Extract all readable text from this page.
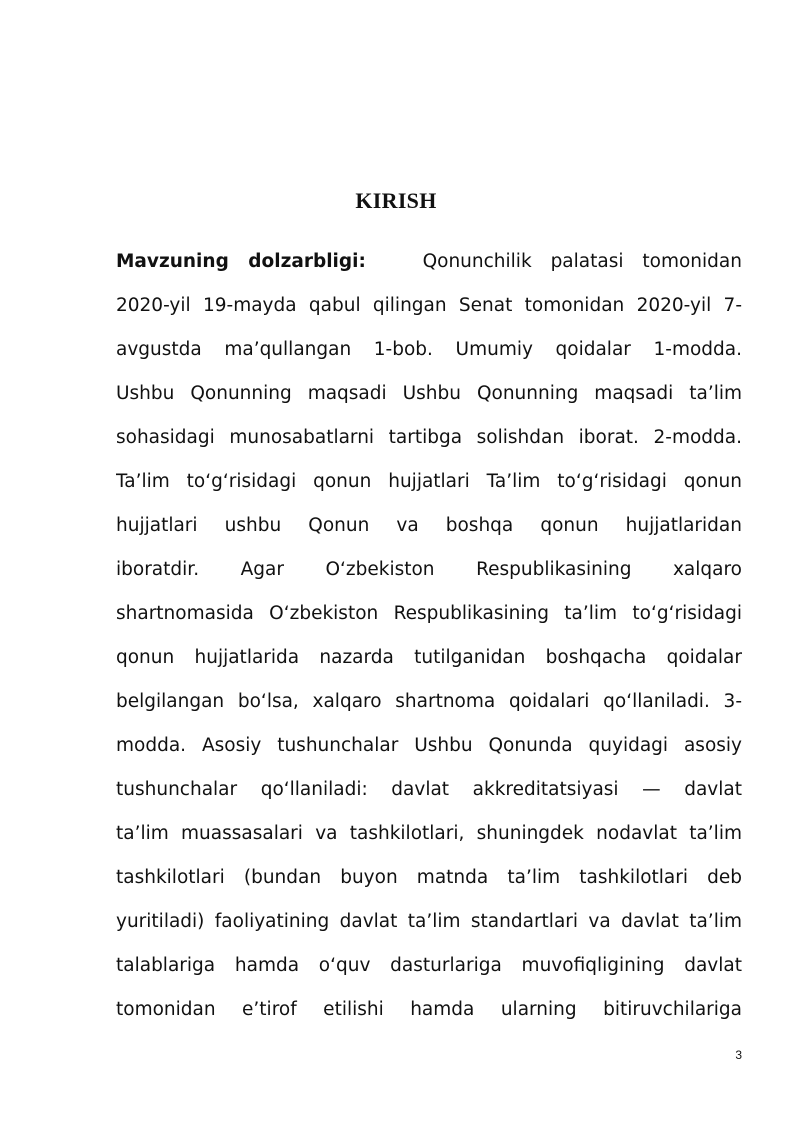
KIRISH
Mavzuning dolzarbligi:	Qonunchilik palatasi tomonidan
2020-yil 19-mayda qabul qilingan Senat tomonidan 2020-yil 7-
avgustda ma’qullangan 1-bob. Umumiy qoidalar 1-modda.
Ushbu Qonunning maqsadi Ushbu Qonunning maqsadi ta’lim
sohasidagi munosabatlarni tartibga solishdan iborat. 2-modda.
Ta’lim to‘g‘risidagi qonun hujjatlari Ta’lim to‘g‘risidagi qonun
hujjatlari ushbu Qonun va boshqa qonun hujjatlaridan
iboratdir. Agar O‘zbekiston Respublikasining xalqaro
shartnomasida O‘zbekiston Respublikasining ta’lim to‘g‘risidagi
qonun hujjatlarida nazarda tutilganidan boshqacha qoidalar
belgilangan bo‘lsa, xalqaro shartnoma qoidalari qo‘llaniladi. 3-
modda. Asosiy tushunchalar Ushbu Qonunda quyidagi asosiy
tushunchalar qo‘llaniladi: davlat akkreditatsiyasi — davlat
ta’lim muassasalari va tashkilotlari, shuningdek nodavlat ta’lim
tashkilotlari (bundan buyon matnda ta’lim tashkilotlari deb
yuritiladi) faoliyatining davlat ta’lim standartlari va davlat ta’lim
talablariga hamda o‘quv dasturlariga muvofiqligining davlat
tomonidan e’tirof etilishi hamda ularning bitiruvchilariga
3
